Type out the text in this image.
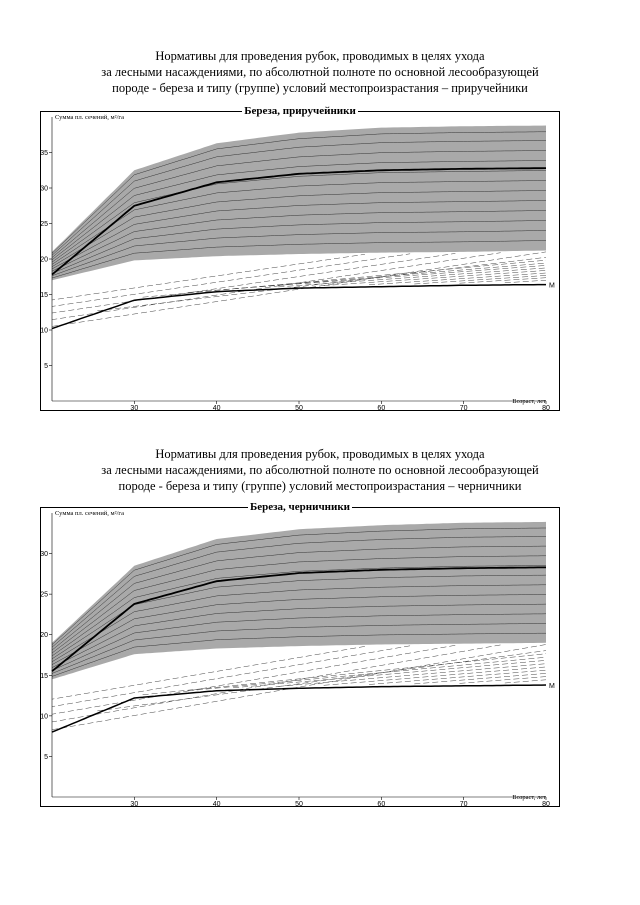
Нормативы для проведения рубок, проводимых в целях ухода
за лесными насаждениями, по абсолютной полноте по основной лесообразующей
породе - береза и типу (группе) условий местопроизрастания – приручейники
M
30	40	50	60	70	80
5
10
15
20
25
30
35
Береза, приручейники
Сумма пл. сечений, м²/га
Возраст, лет
Нормативы для проведения рубок, проводимых в целях ухода
за лесными насаждениями, по абсолютной полноте по основной лесообразующей
породе - береза и типу (группе) условий местопроизрастания – черничники
M
30	40	50	60	70	80
5
10
15
20
25
30
Береза, черничники
Сумма пл. сечений, м²/га
Возраст, лет
